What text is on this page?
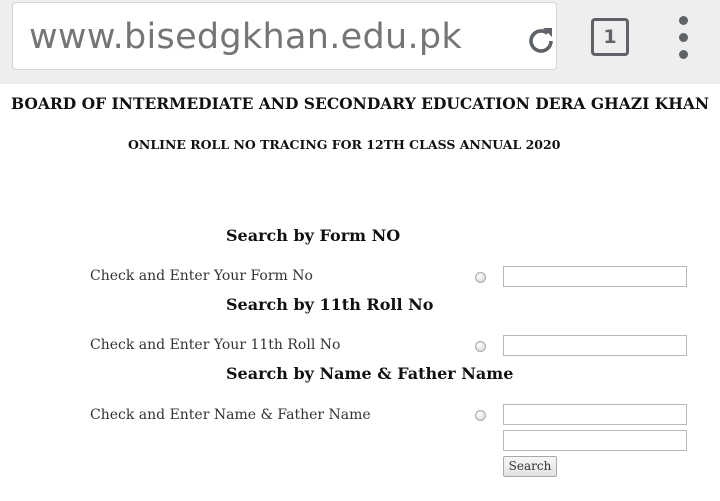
www.bisedgkhan.edu.pk	1
BOARD OF INTERMEDIATE AND SECONDARY EDUCATION DERA GHAZI KHAN
ONLINE ROLL NO TRACING FOR 12TH CLASS ANNUAL 2020
Search by Form NO
Check and Enter Your Form No
Search by 11th Roll No
Check and Enter Your 11th Roll No
Search by Name & Father Name
Check and Enter Name & Father Name
Search
